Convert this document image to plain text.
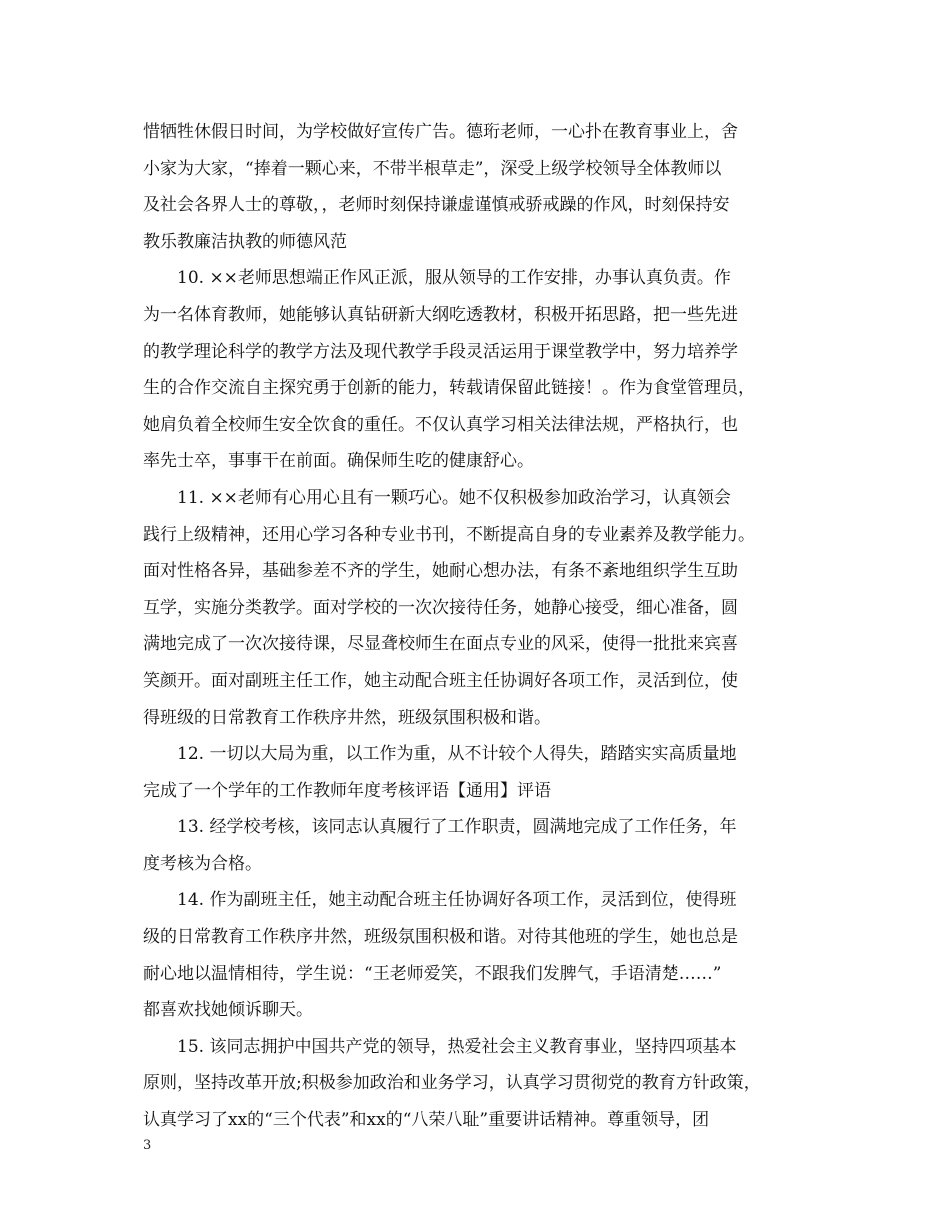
惜牺牲休假日时间，为学校做好宣传广告。德珩老师，一心扑在教育事业上，舍
小家为大家，“捧着一颗心来，不带半根草走”，深受上级学校领导全体教师以
及社会各界人士的尊敬，，老师时刻保持谦虚谨慎戒骄戒躁的作风，时刻保持安
教乐教廉洁执教的师德风范
10. ××老师思想端正作风正派，服从领导的工作安排，办事认真负责。作
为一名体育教师，她能够认真钻研新大纲吃透教材，积极开拓思路，把一些先进
的教学理论科学的教学方法及现代教学手段灵活运用于课堂教学中，努力培养学
生的合作交流自主探究勇于创新的能力，转载请保留此链接！。作为食堂管理员，
她肩负着全校师生安全饮食的重任。不仅认真学习相关法律法规，严格执行，也
率先士卒，事事干在前面。确保师生吃的健康舒心。
11. ××老师有心用心且有一颗巧心。她不仅积极参加政治学习，认真领会
践行上级精神，还用心学习各种专业书刊，不断提高自身的专业素养及教学能力。
面对性格各异，基础参差不齐的学生，她耐心想办法，有条不紊地组织学生互助
互学，实施分类教学。面对学校的一次次接待任务，她静心接受，细心准备，圆
满地完成了一次次接待课，尽显聋校师生在面点专业的风采，使得一批批来宾喜
笑颜开。面对副班主任工作，她主动配合班主任协调好各项工作，灵活到位，使
得班级的日常教育工作秩序井然，班级氛围积极和谐。
12. 一切以大局为重，以工作为重，从不计较个人得失，踏踏实实高质量地
完成了一个学年的工作教师年度考核评语【通用】评语
13. 经学校考核，该同志认真履行了工作职责，圆满地完成了工作任务，年
度考核为合格。
14. 作为副班主任，她主动配合班主任协调好各项工作，灵活到位，使得班
级的日常教育工作秩序井然，班级氛围积极和谐。对待其他班的学生，她也总是
耐心地以温情相待，学生说：“王老师爱笑，不跟我们发脾气，手语清楚……”
都喜欢找她倾诉聊天。
15. 该同志拥护中国共产党的领导，热爱社会主义教育事业，坚持四项基本
原则，坚持改革开放;积极参加政治和业务学习，认真学习贯彻党的教育方针政策，
认真学习了xx的“三个代表”和xx的“八荣八耻”重要讲话精神。尊重领导，团
3
